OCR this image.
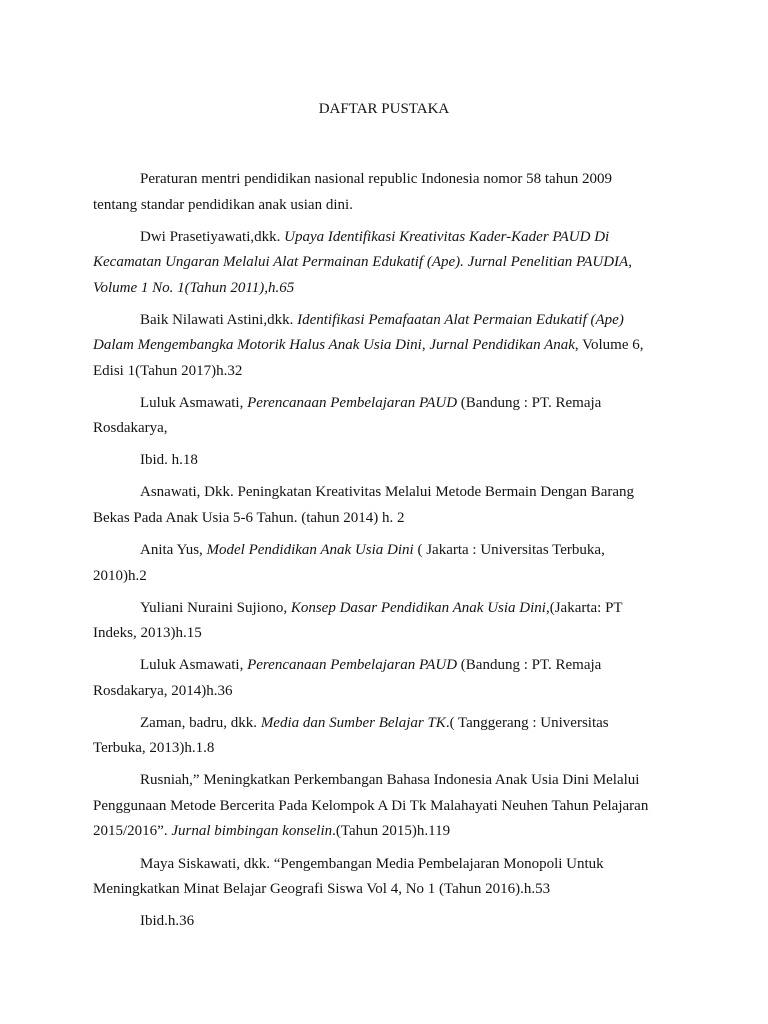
DAFTAR PUSTAKA
Peraturan mentri pendidikan nasional republic Indonesia nomor 58 tahun 2009
tentang standar pendidikan anak usian dini.
Dwi Prasetiyawati,dkk. Upaya Identifikasi Kreativitas Kader-Kader PAUD Di
Kecamatan Ungaran Melalui Alat Permainan Edukatif (Ape). Jurnal Penelitian PAUDIA,
Volume 1 No. 1(Tahun 2011),h.65
Baik Nilawati Astini,dkk. Identifikasi Pemafaatan Alat Permaian Edukatif (Ape)
Dalam Mengembangka Motorik Halus Anak Usia Dini, Jurnal Pendidikan Anak, Volume 6,
Edisi 1(Tahun 2017)h.32
Luluk Asmawati, Perencanaan Pembelajaran PAUD (Bandung : PT. Remaja
Rosdakarya,
Ibid. h.18
Asnawati, Dkk. Peningkatan Kreativitas Melalui Metode Bermain Dengan Barang
Bekas Pada Anak Usia 5-6 Tahun. (tahun 2014) h. 2
Anita Yus, Model Pendidikan Anak Usia Dini ( Jakarta : Universitas Terbuka,
2010)h.2
Yuliani Nuraini Sujiono, Konsep Dasar Pendidikan Anak Usia Dini,(Jakarta: PT
Indeks, 2013)h.15
Luluk Asmawati, Perencanaan Pembelajaran PAUD (Bandung : PT. Remaja
Rosdakarya, 2014)h.36
Zaman, badru, dkk. Media dan Sumber Belajar TK.( Tanggerang : Universitas
Terbuka, 2013)h.1.8
Rusniah,” Meningkatkan Perkembangan Bahasa Indonesia Anak Usia Dini Melalui
Penggunaan Metode Bercerita Pada Kelompok A Di Tk Malahayati Neuhen Tahun Pelajaran
2015/2016”. Jurnal bimbingan konselin.(Tahun 2015)h.119
Maya Siskawati, dkk. “Pengembangan Media Pembelajaran Monopoli Untuk
Meningkatkan Minat Belajar Geografi Siswa Vol 4, No 1 (Tahun 2016).h.53
Ibid.h.36
